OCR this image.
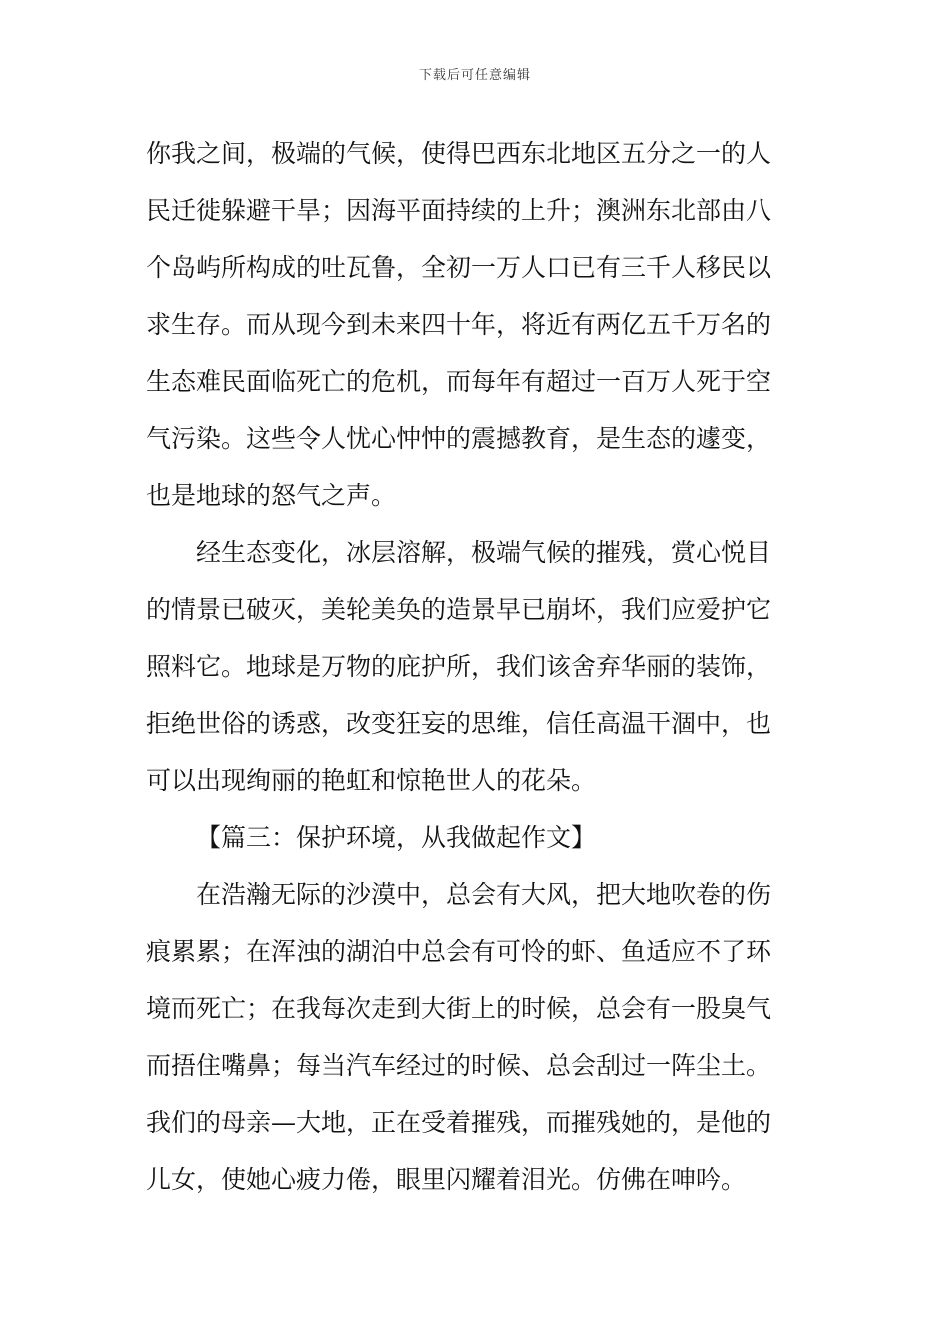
下载后可任意编辑
你我之间，极端的气候，使得巴西东北地区五分之一的人
民迁徙躲避干旱；因海平面持续的上升；澳洲东北部由八
个岛屿所构成的吐瓦鲁，全初一万人口已有三千人移民以
求生存。而从现今到未来四十年，将近有两亿五千万名的
生态难民面临死亡的危机，而每年有超过一百万人死于空
气污染。这些令人忧心忡忡的震撼教育，是生态的遽变，
也是地球的怒气之声。
经生态变化，冰层溶解，极端气候的摧残，赏心悦目
的情景已破灭，美轮美奂的造景早已崩坏，我们应爱护它
照料它。地球是万物的庇护所，我们该舍弃华丽的装饰，
拒绝世俗的诱惑，改变狂妄的思维，信任高温干涸中，也
可以出现绚丽的艳虹和惊艳世人的花朵。
【篇三：保护环境，从我做起作文】
在浩瀚无际的沙漠中，总会有大风，把大地吹卷的伤
痕累累；在浑浊的湖泊中总会有可怜的虾、鱼适应不了环
境而死亡；在我每次走到大街上的时候，总会有一股臭气
而捂住嘴鼻；每当汽车经过的时候、总会刮过一阵尘土。
我们的母亲—大地，正在受着摧残，而摧残她的，是他的
儿女，使她心疲力倦，眼里闪耀着泪光。仿佛在呻吟。
